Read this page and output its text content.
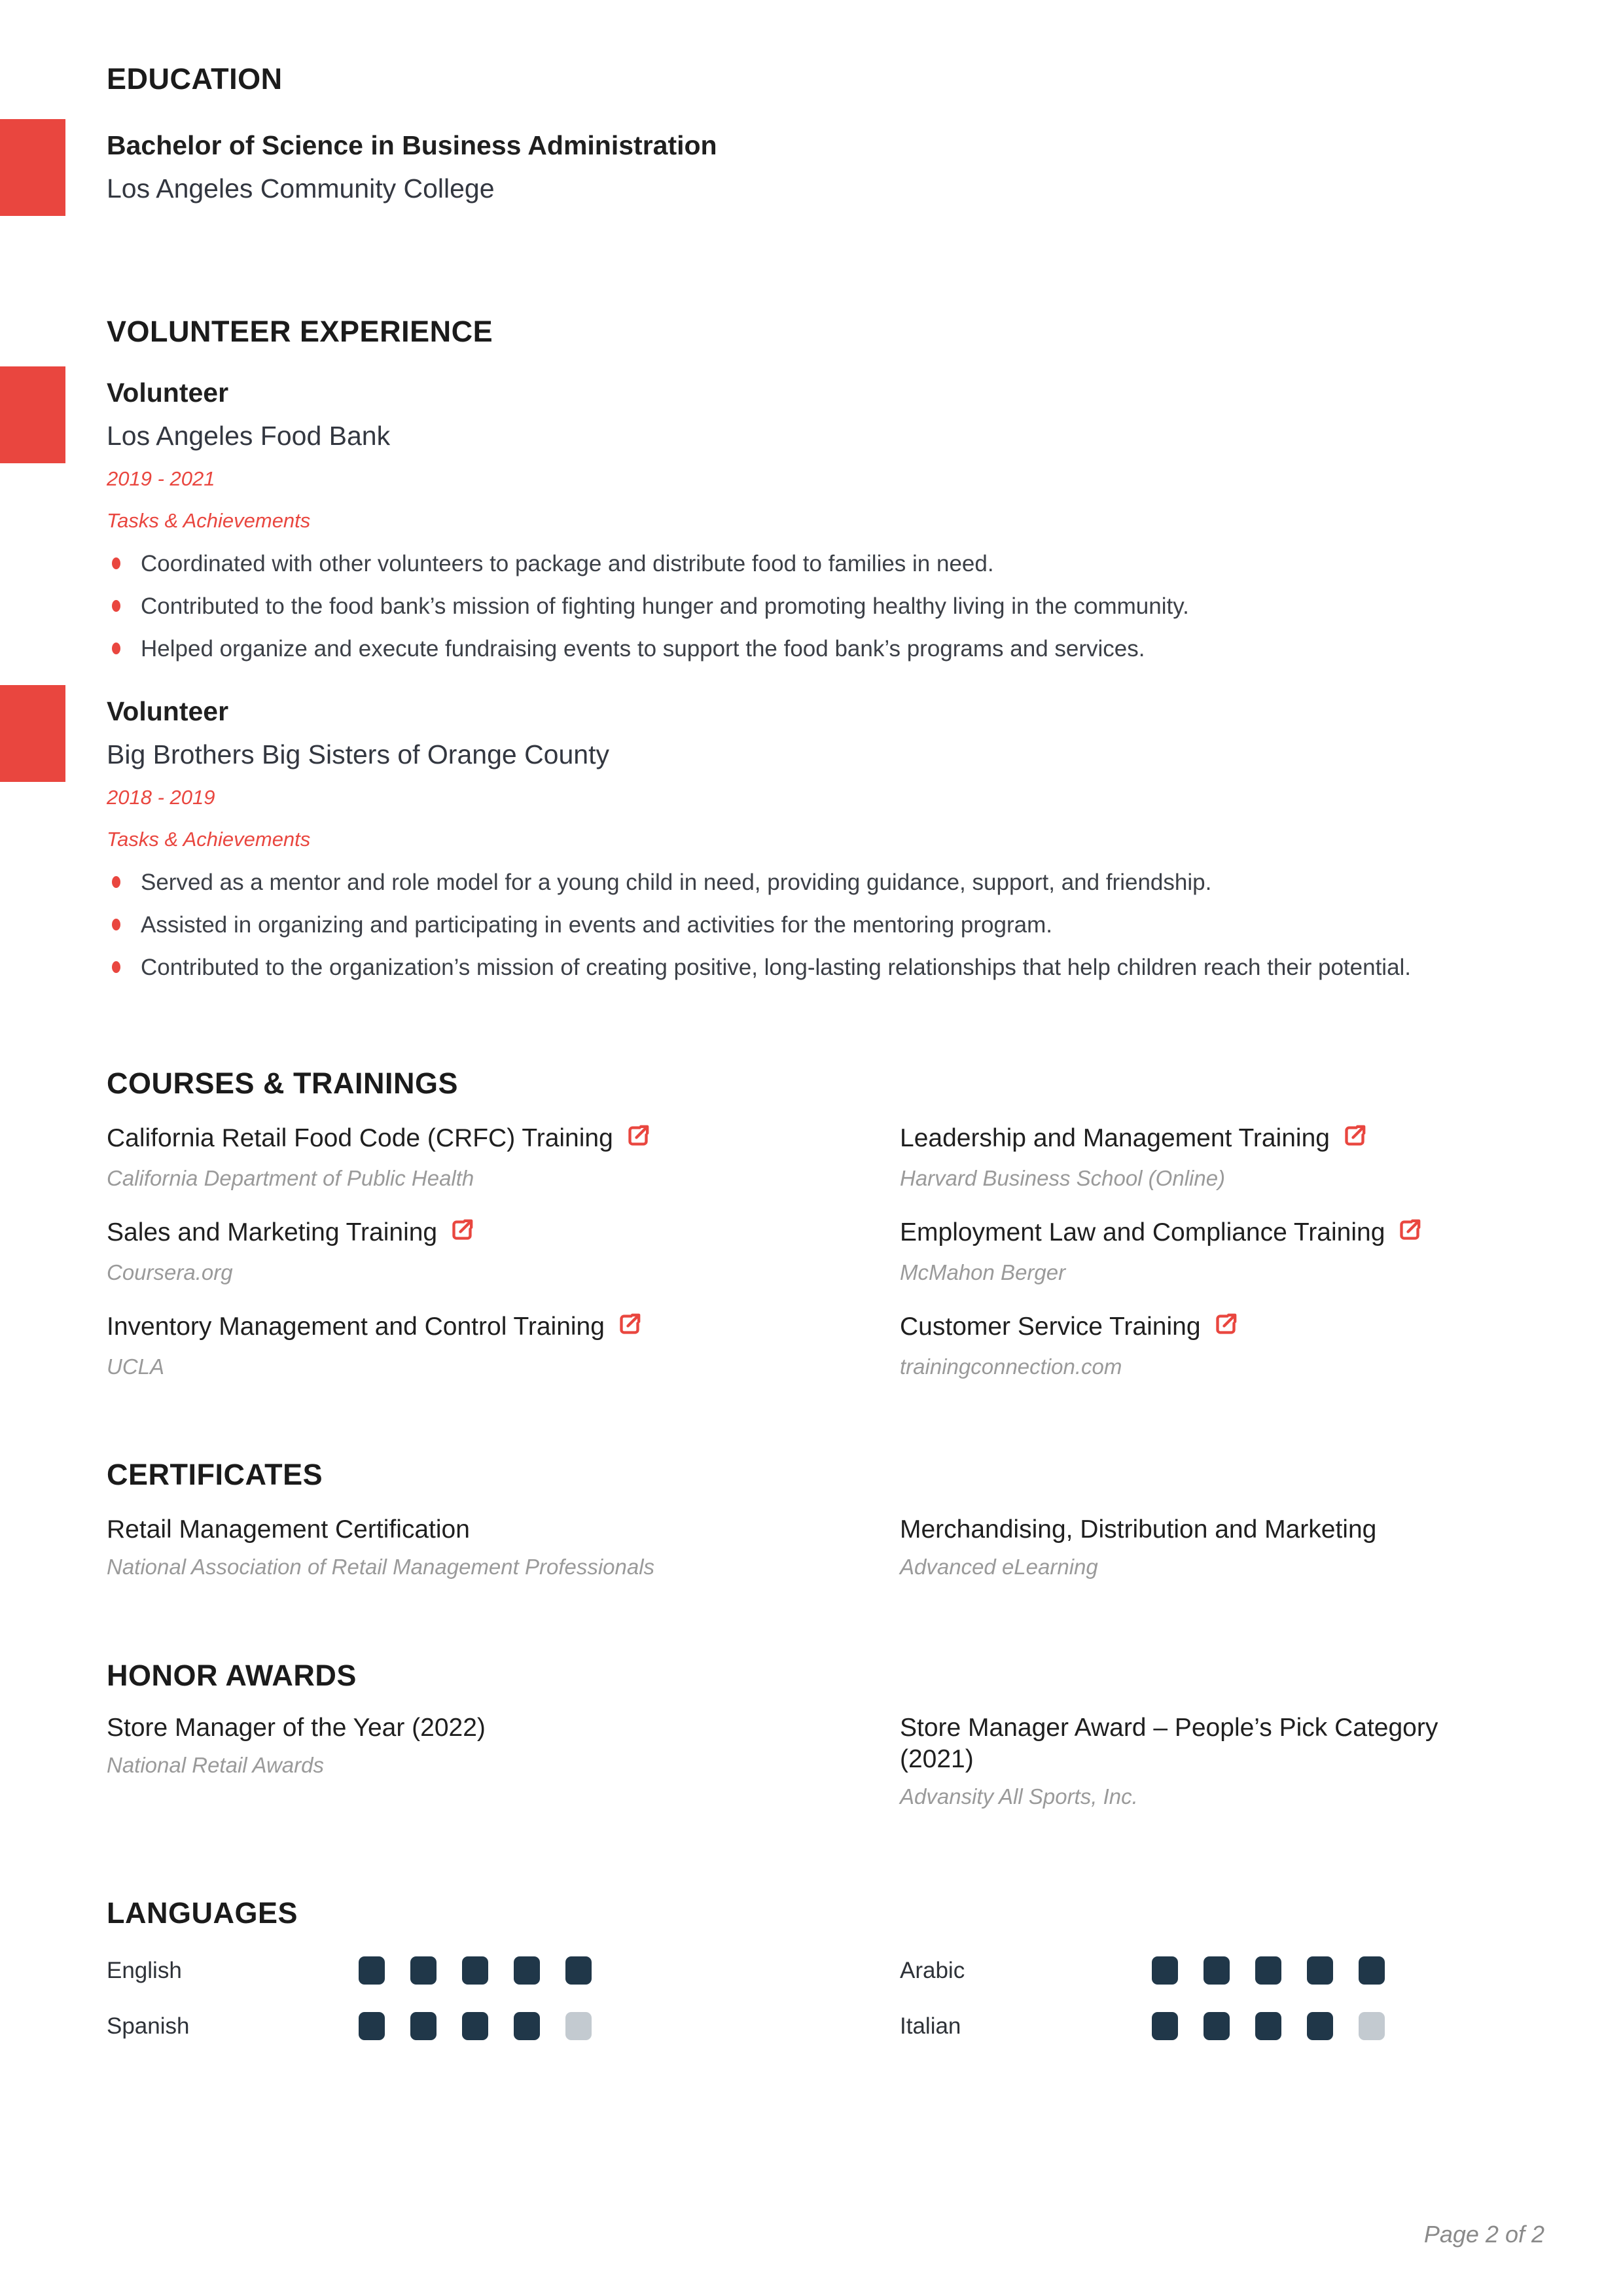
EDUCATION
Bachelor of Science in Business Administration
Los Angeles Community College
VOLUNTEER EXPERIENCE
Volunteer
Los Angeles Food Bank
2019 - 2021
Tasks & Achievements
Coordinated with other volunteers to package and distribute food to families in need.
Contributed to the food bank’s mission of fighting hunger and promoting healthy living in the community.
Helped organize and execute fundraising events to support the food bank’s programs and services.
Volunteer
Big Brothers Big Sisters of Orange County
2018 - 2019
Tasks & Achievements
Served as a mentor and role model for a young child in need, providing guidance, support, and friendship.
Assisted in organizing and participating in events and activities for the mentoring program.
Contributed to the organization’s mission of creating positive, long-lasting relationships that help children reach their potential.
COURSES & TRAININGS
California Retail Food Code (CRFC) Training
California Department of Public Health
Leadership and Management Training
Harvard Business School (Online)
Sales and Marketing Training
Coursera.org
Employment Law and Compliance Training
McMahon Berger
Inventory Management and Control Training
UCLA
Customer Service Training
trainingconnection.com
CERTIFICATES
Retail Management Certification
National Association of Retail Management Professionals
Merchandising, Distribution and Marketing
Advanced eLearning
HONOR AWARDS
Store Manager of the Year (2022)
National Retail Awards
Store Manager Award – People’s Pick Category (2021)
Advansity All Sports, Inc.
LANGUAGES
English	Arabic
Spanish	Italian
Page 2 of 2
